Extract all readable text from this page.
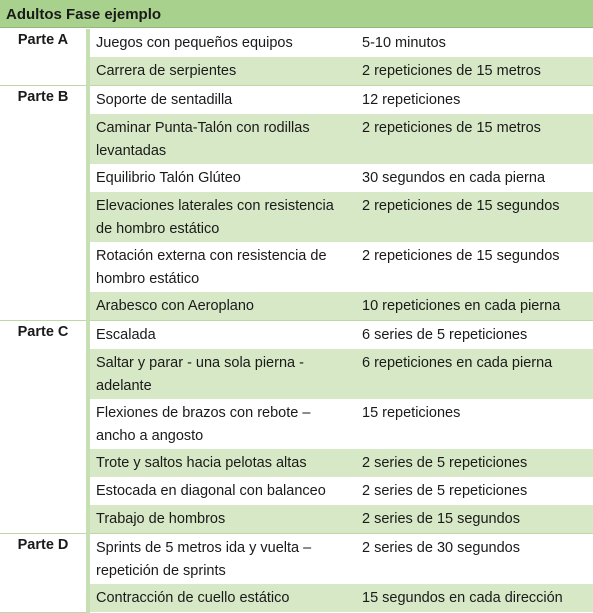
Adultos Fase ejemplo
Parte A	Juegos con pequeños equipos	5-10 minutos
	Carrera de serpientes	2 repeticiones de 15 metros
Parte B	Soporte de sentadilla	12 repeticiones
	Caminar Punta-Talón con rodillas levantadas	2 repeticiones de 15 metros
	Equilibrio Talón Glúteo	30 segundos en cada pierna
	Elevaciones laterales con resistencia de hombro estático	2 repeticiones de 15 segundos
	Rotación externa con resistencia de hombro estático	2 repeticiones de 15 segundos
	Arabesco con Aeroplano	10 repeticiones en cada pierna
Parte C	Escalada	6 series de 5 repeticiones
	Saltar y parar - una sola pierna - adelante	6 repeticiones en cada pierna
	Flexiones de brazos con rebote – ancho a angosto	15 repeticiones
	Trote y saltos hacia pelotas altas	2 series de 5 repeticiones
	Estocada en diagonal con balanceo	2 series de 5 repeticiones
	Trabajo de hombros	2 series de 15 segundos
Parte D	Sprints de 5 metros ida y vuelta – repetición de sprints	2 series de 30 segundos
	Contracción de cuello estático	15 segundos en cada dirección
